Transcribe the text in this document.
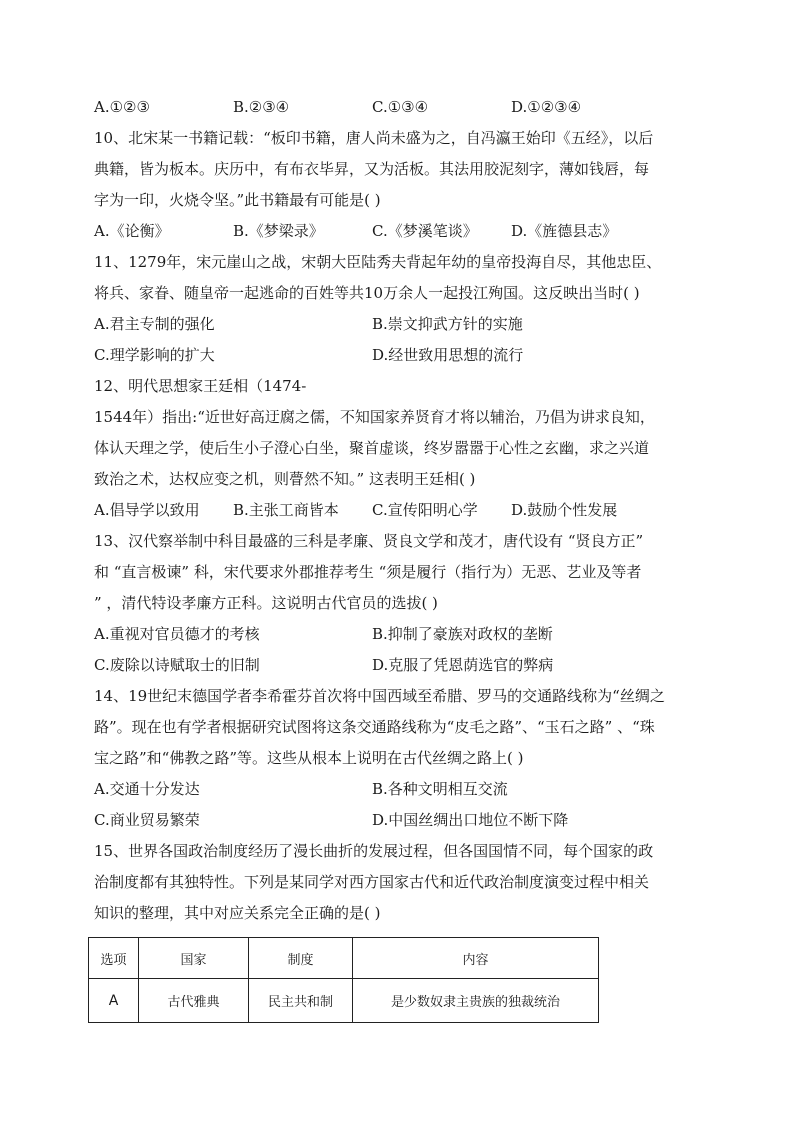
A.①②③	B.②③④	C.①③④	D.①②③④
10、北宋某一书籍记载：“板印书籍，唐人尚未盛为之，自冯瀛王始印《五经》，以后
典籍，皆为板本。庆历中，有布衣毕昇，又为活板。其法用胶泥刻字，薄如钱唇，每
字为一印，火烧令坚。”此书籍最有可能是( )
A.《论衡》	B.《梦梁录》	C.《梦溪笔谈》 D.《旌德县志》
11、1279年，宋元崖山之战，宋朝大臣陆秀夫背起年幼的皇帝投海自尽，其他忠臣、
将兵、家眷、随皇帝一起逃命的百姓等共10万余人一起投江殉国。这反映出当时( )
A.君主专制的强化	B.崇文抑武方针的实施
C.理学影响的扩大	D.经世致用思想的流行
12、明代思想家王廷相（1474-
1544年）指出:“近世好高迂腐之儒，不知国家养贤育才将以辅治，乃倡为讲求良知，
体认天理之学，使后生小子澄心白坐，聚首虚谈，终岁嚣嚣于心性之玄幽，求之兴道
致治之术，达权应变之机，则瞢然不知。” 这表明王廷相( )
A.倡导学以致用 B.主张工商皆本 C.宣传阳明心学 D.鼓励个性发展
13、汉代察举制中科目最盛的三科是孝廉、贤良文学和茂才，唐代设有 “贤良方正”
和 “直言极谏” 科，宋代要求外郡推荐考生 “须是履行（指行为）无恶、艺业及等者
” ，清代特设孝廉方正科。这说明古代官员的选拔( )
A.重视对官员德才的考核	B.抑制了豪族对政权的垄断
C.废除以诗赋取士的旧制	D.克服了凭恩荫选官的弊病
14、19世纪末德国学者李希霍芬首次将中国西域至希腊、罗马的交通路线称为“丝绸之
路”。现在也有学者根据研究试图将这条交通路线称为“皮毛之路”、“玉石之路” 、“珠
宝之路”和“佛教之路”等。这些从根本上说明在古代丝绸之路上( )
A.交通十分发达	B.各种文明相互交流
C.商业贸易繁荣	D.中国丝绸出口地位不断下降
15、世界各国政治制度经历了漫长曲折的发展过程，但各国国情不同，每个国家的政
治制度都有其独特性。下列是某同学对西方国家古代和近代政治制度演变过程中相关
知识的整理，其中对应关系完全正确的是( )
选项	国家	制度	内容
A	古代雅典	民主共和制	是少数奴隶主贵族的独裁统治
